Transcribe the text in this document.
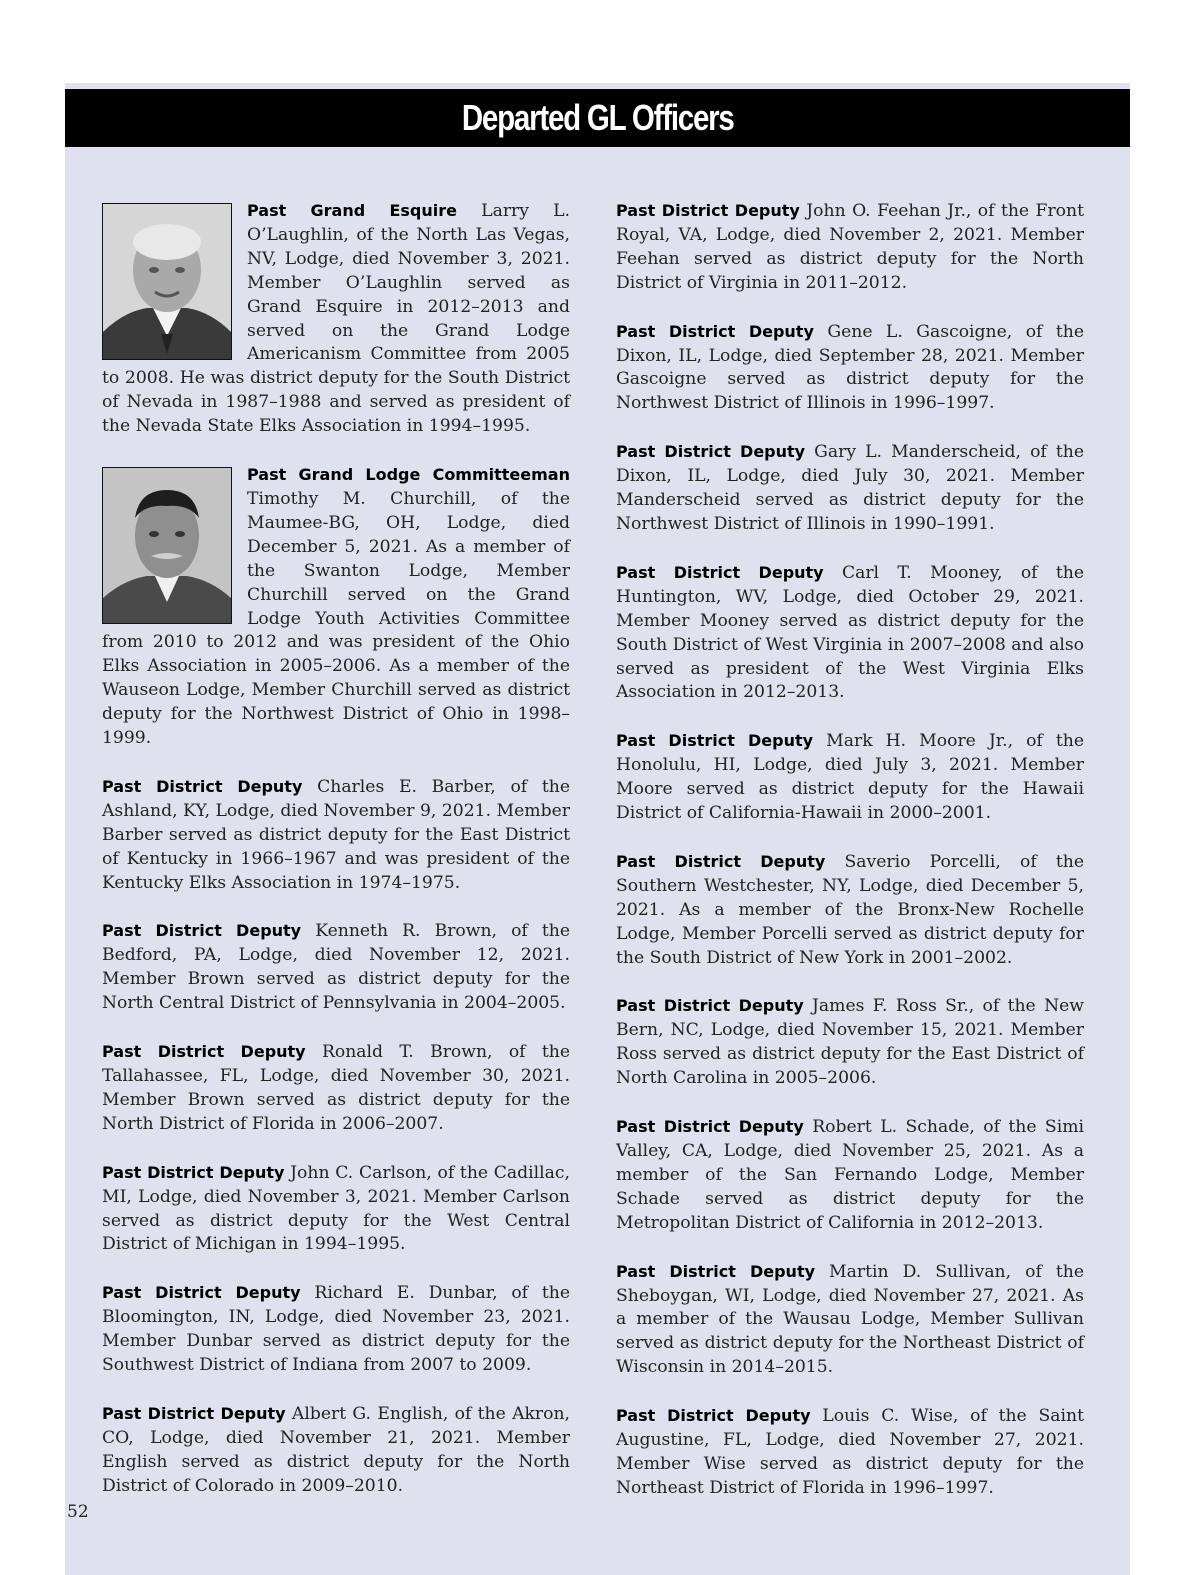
Departed GL Officers

Past Grand Esquire Larry L. O’Laughlin, of the North Las Vegas, NV, Lodge, died November 3, 2021. Member O’Laughlin served as Grand Esquire in 2012–2013 and served on the Grand Lodge Americanism Committee from 2005 to 2008. He was district deputy for the South District of Nevada in 1987–1988 and served as president of the Nevada State Elks Association in 1994–1995.

Past Grand Lodge Committeeman Timothy M. Churchill, of the Maumee-BG, OH, Lodge, died December 5, 2021. As a member of the Swanton Lodge, Member Churchill served on the Grand Lodge Youth Activities Committee from 2010 to 2012 and was president of the Ohio Elks Association in 2005–2006. As a member of the Wauseon Lodge, Member Churchill served as district deputy for the Northwest District of Ohio in 1998–1999.

Past District Deputy Charles E. Barber, of the Ashland, KY, Lodge, died November 9, 2021. Member Barber served as district deputy for the East District of Kentucky in 1966–1967 and was president of the Kentucky Elks Association in 1974–1975.

Past District Deputy Kenneth R. Brown, of the Bedford, PA, Lodge, died November 12, 2021. Member Brown served as district deputy for the North Central District of Pennsylvania in 2004–2005.

Past District Deputy Ronald T. Brown, of the Tallahassee, FL, Lodge, died November 30, 2021. Member Brown served as district deputy for the North District of Florida in 2006–2007.

Past District Deputy John C. Carlson, of the Cadillac, MI, Lodge, died November 3, 2021. Member Carlson served as district deputy for the West Central District of Michigan in 1994–1995.

Past District Deputy Richard E. Dunbar, of the Bloomington, IN, Lodge, died November 23, 2021. Member Dunbar served as district deputy for the Southwest District of Indiana from 2007 to 2009.

Past District Deputy Albert G. English, of the Akron, CO, Lodge, died November 21, 2021. Member English served as district deputy for the North District of Colorado in 2009–2010.

Past District Deputy John O. Feehan Jr., of the Front Royal, VA, Lodge, died November 2, 2021. Member Feehan served as district deputy for the North District of Virginia in 2011–2012.

Past District Deputy Gene L. Gascoigne, of the Dixon, IL, Lodge, died September 28, 2021. Member Gascoigne served as district deputy for the Northwest District of Illinois in 1996–1997.

Past District Deputy Gary L. Manderscheid, of the Dixon, IL, Lodge, died July 30, 2021. Member Manderscheid served as district deputy for the Northwest District of Illinois in 1990–1991.

Past District Deputy Carl T. Mooney, of the Huntington, WV, Lodge, died October 29, 2021. Member Mooney served as district deputy for the South District of West Virginia in 2007–2008 and also served as president of the West Virginia Elks Association in 2012–2013.

Past District Deputy Mark H. Moore Jr., of the Honolulu, HI, Lodge, died July 3, 2021. Member Moore served as district deputy for the Hawaii District of California-Hawaii in 2000–2001.

Past District Deputy Saverio Porcelli, of the Southern Westchester, NY, Lodge, died December 5, 2021. As a member of the Bronx-New Rochelle Lodge, Member Porcelli served as district deputy for the South District of New York in 2001–2002.

Past District Deputy James F. Ross Sr., of the New Bern, NC, Lodge, died November 15, 2021. Member Ross served as district deputy for the East District of North Carolina in 2005–2006.

Past District Deputy Robert L. Schade, of the Simi Valley, CA, Lodge, died November 25, 2021. As a member of the San Fernando Lodge, Member Schade served as district deputy for the Metropolitan District of California in 2012–2013.

Past District Deputy Martin D. Sullivan, of the Sheboygan, WI, Lodge, died November 27, 2021. As a member of the Wausau Lodge, Member Sullivan served as district deputy for the Northeast District of Wisconsin in 2014–2015.

Past District Deputy Louis C. Wise, of the Saint Augustine, FL, Lodge, died November 27, 2021. Member Wise served as district deputy for the Northeast District of Florida in 1996–1997.

52
